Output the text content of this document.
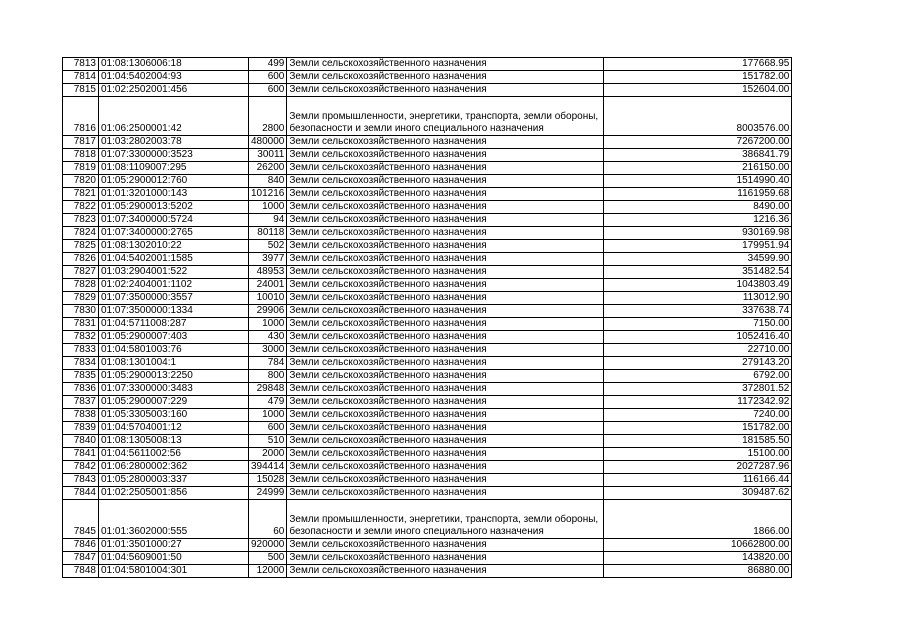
7813	01:08:1306006:18	499	Земли сельскохозяйственного назначения	177668.95
7814	01:04:5402004:93	600	Земли сельскохозяйственного назначения	151782.00
7815	01:02:2502001:456	600	Земли сельскохозяйственного назначения	152604.00
7816	01:06:2500001:42	2800	Земли промышленности, энергетики, транспорта, земли обороны, безопасности и земли иного специального назначения	8003576.00
7817	01:03:2802003:78	480000	Земли сельскохозяйственного назначения	7267200.00
7818	01:07:3300000:3523	30011	Земли сельскохозяйственного назначения	386841.79
7819	01:08:1109007:295	26200	Земли сельскохозяйственного назначения	216150.00
7820	01:05:2900012:760	840	Земли сельскохозяйственного назначения	1514990.40
7821	01:01:3201000:143	101216	Земли сельскохозяйственного назначения	1161959.68
7822	01:05:2900013:5202	1000	Земли сельскохозяйственного назначения	8490.00
7823	01:07:3400000:5724	94	Земли сельскохозяйственного назначения	1216.36
7824	01:07:3400000:2765	80118	Земли сельскохозяйственного назначения	930169.98
7825	01:08:1302010:22	502	Земли сельскохозяйственного назначения	179951.94
7826	01:04:5402001:1585	3977	Земли сельскохозяйственного назначения	34599.90
7827	01:03:2904001:522	48953	Земли сельскохозяйственного назначения	351482.54
7828	01:02:2404001:1102	24001	Земли сельскохозяйственного назначения	1043803.49
7829	01:07:3500000:3557	10010	Земли сельскохозяйственного назначения	113012.90
7830	01:07:3500000:1334	29906	Земли сельскохозяйственного назначения	337638.74
7831	01:04:5711008:287	1000	Земли сельскохозяйственного назначения	7150.00
7832	01:05:2900007:403	430	Земли сельскохозяйственного назначения	1052416.40
7833	01:04:5801003:76	3000	Земли сельскохозяйственного назначения	22710.00
7834	01:08:1301004:1	784	Земли сельскохозяйственного назначения	279143.20
7835	01:05:2900013:2250	800	Земли сельскохозяйственного назначения	6792.00
7836	01:07:3300000:3483	29848	Земли сельскохозяйственного назначения	372801.52
7837	01:05:2900007:229	479	Земли сельскохозяйственного назначения	1172342.92
7838	01:05:3305003:160	1000	Земли сельскохозяйственного назначения	7240.00
7839	01:04:5704001:12	600	Земли сельскохозяйственного назначения	151782.00
7840	01:08:1305008:13	510	Земли сельскохозяйственного назначения	181585.50
7841	01:04:5611002:56	2000	Земли сельскохозяйственного назначения	15100.00
7842	01:06:2800002:362	394414	Земли сельскохозяйственного назначения	2027287.96
7843	01:05:2800003:337	15028	Земли сельскохозяйственного назначения	116166.44
7844	01:02:2505001:856	24999	Земли сельскохозяйственного назначения	309487.62
7845	01:01:3602000:555	60	Земли промышленности, энергетики, транспорта, земли обороны, безопасности и земли иного специального назначения	1866.00
7846	01:01:3501000:27	920000	Земли сельскохозяйственного назначения	10662800.00
7847	01:04:5609001:50	500	Земли сельскохозяйственного назначения	143820.00
7848	01:04:5801004:301	12000	Земли сельскохозяйственного назначения	86880.00
